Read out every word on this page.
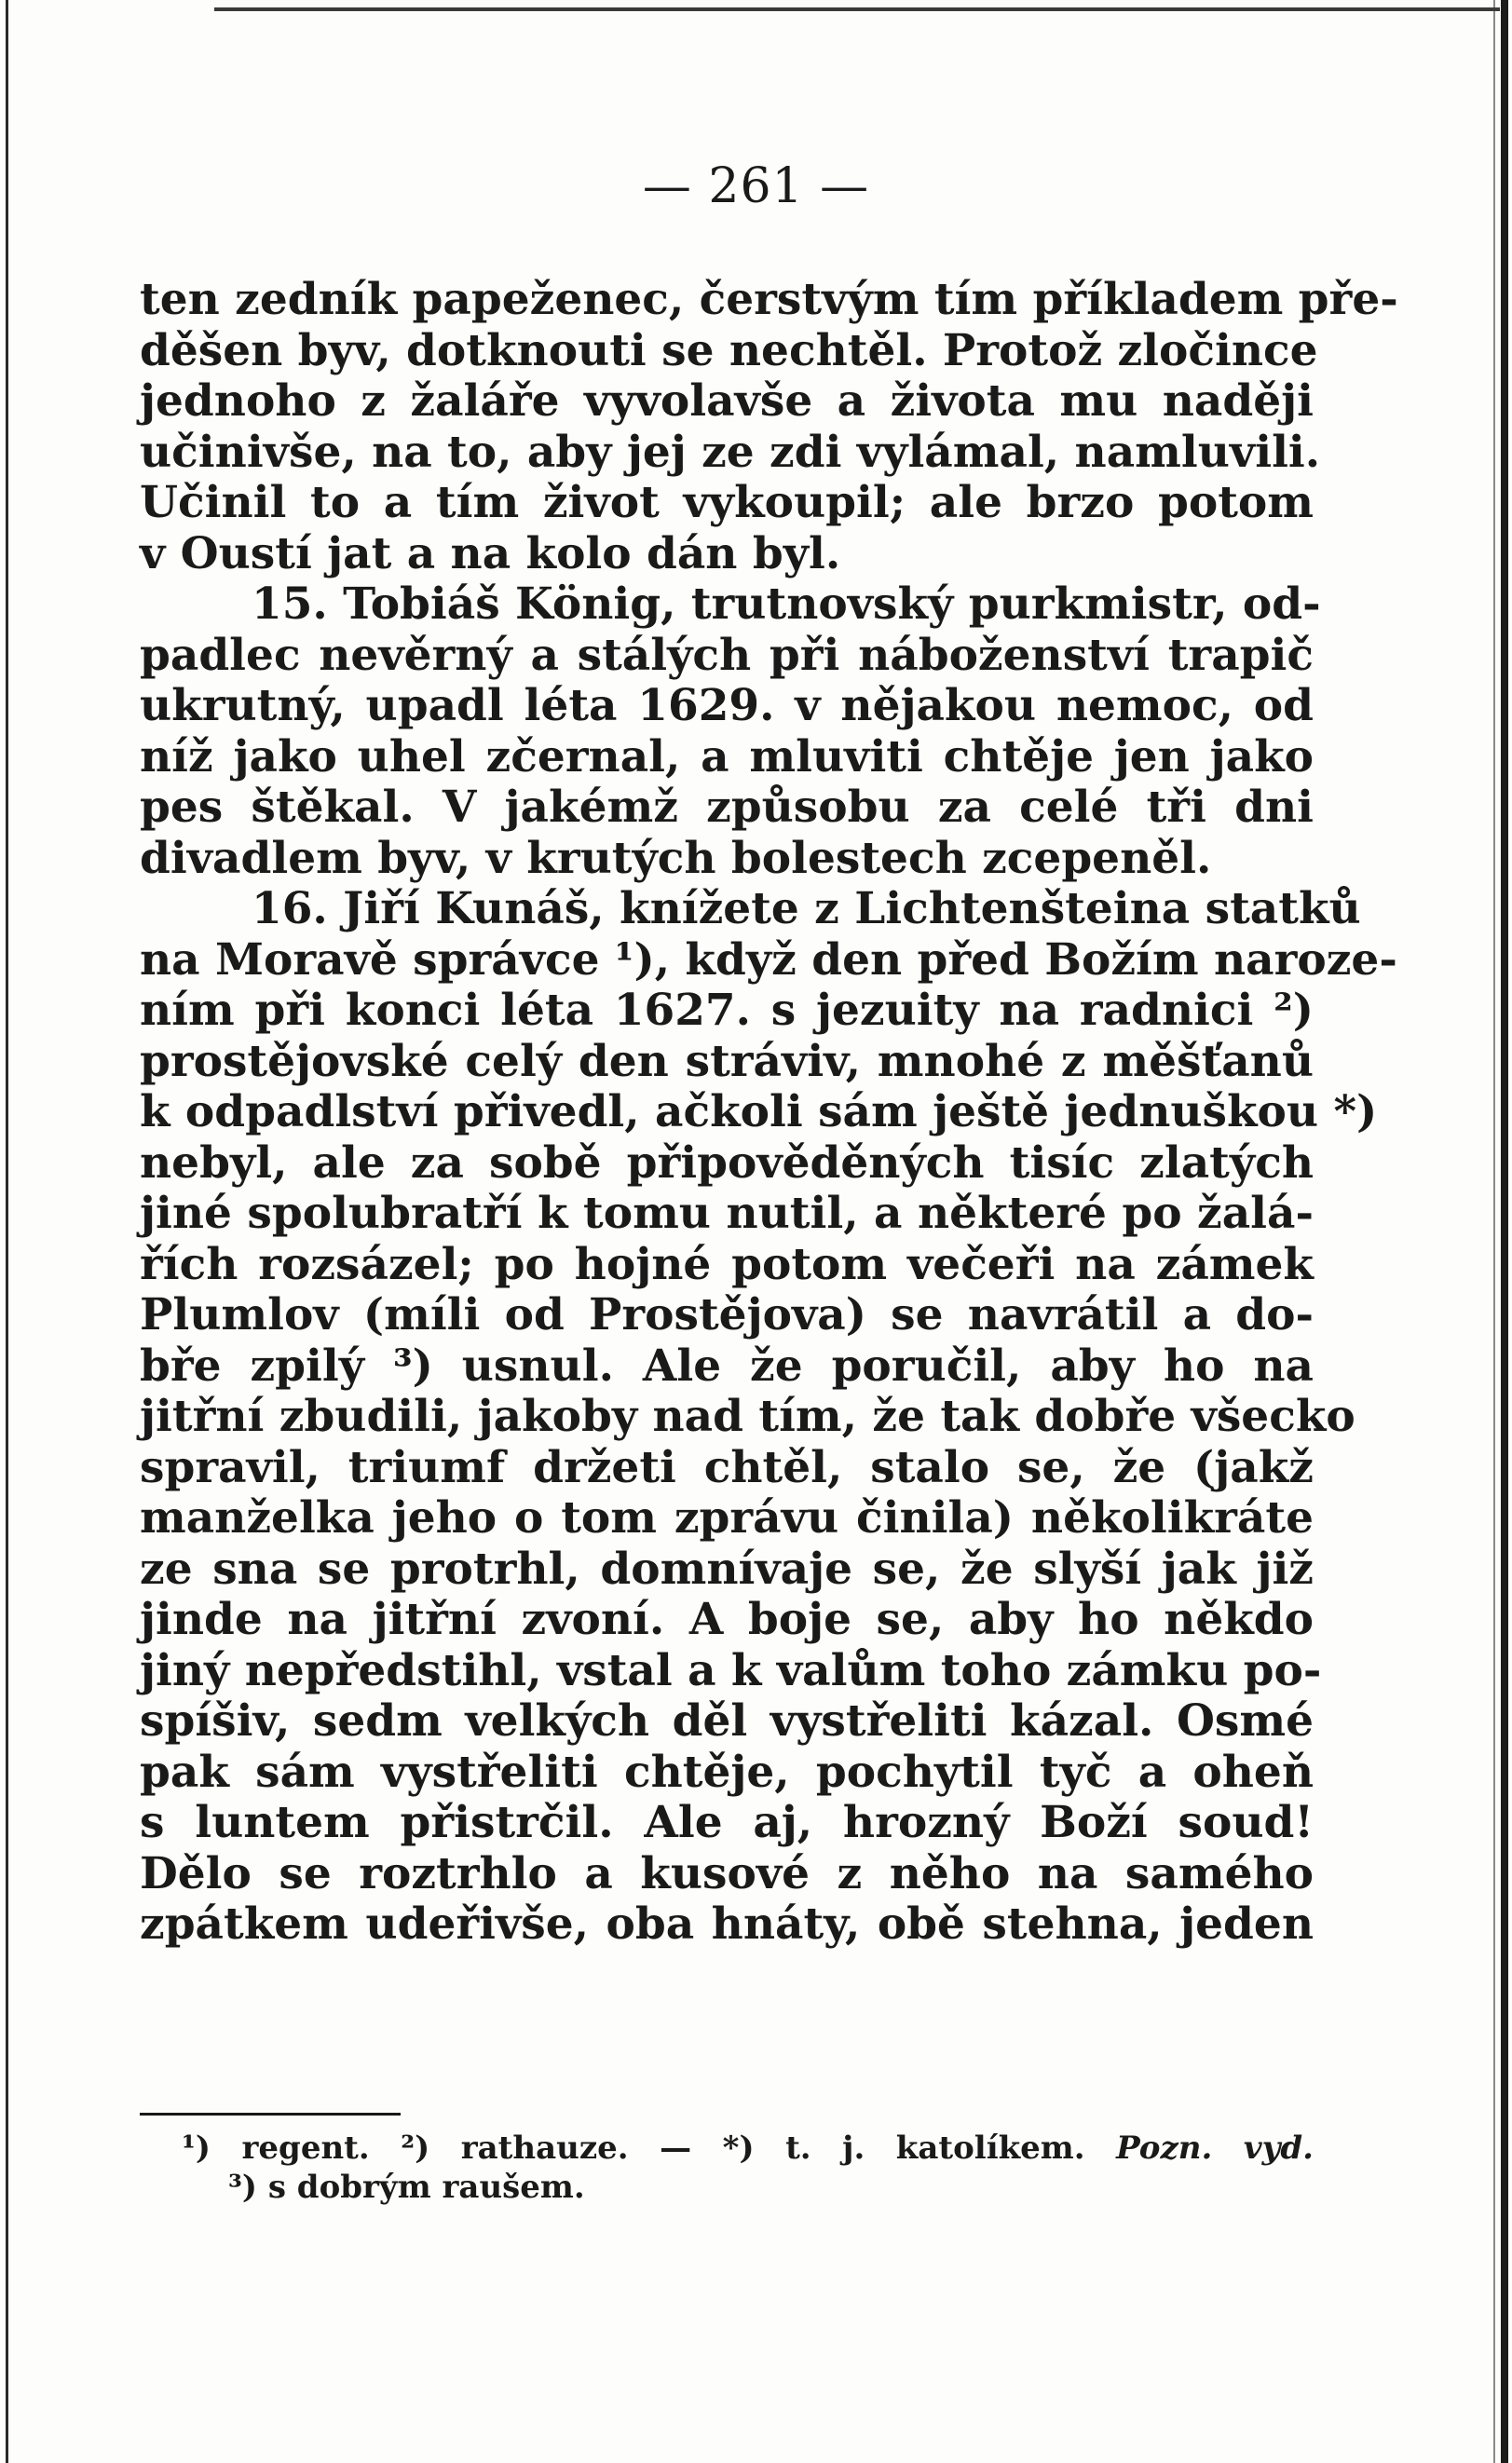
— 261 —
ten zedník papeženec, čerstvým tím příkladem pře-
děšen byv, dotknouti se nechtěl. Protož zločince
jednoho z žaláře vyvolavše a života mu naději
učinivše, na to, aby jej ze zdi vylámal, namluvili.
Učinil to a tím život vykoupil; ale brzo potom
v Oustí jat a na kolo dán byl.
15. Tobiáš König, trutnovský purkmistr, od-
padlec nevěrný a stálých při náboženství trapič
ukrutný, upadl léta 1629. v nějakou nemoc, od
níž jako uhel zčernal, a mluviti chtěje jen jako
pes štěkal. V jakémž způsobu za celé tři dni
divadlem byv, v krutých bolestech zcepeněl.
16. Jiří Kunáš, knížete z Lichtenšteina statků
na Moravě správce ¹), když den před Božím naroze-
ním při konci léta 1627. s jezuity na radnici ²)
prostějovské celý den stráviv, mnohé z měšťanů
k odpadlství přivedl, ačkoli sám ještě jednuškou *)
nebyl, ale za sobě připověděných tisíc zlatých
jiné spolubratří k tomu nutil, a některé po žalá-
řích rozsázel; po hojné potom večeři na zámek
Plumlov (míli od Prostějova) se navrátil a do-
bře zpilý ³) usnul. Ale že poručil, aby ho na
jitřní zbudili, jakoby nad tím, že tak dobře všecko
spravil, triumf držeti chtěl, stalo se, že (jakž
manželka jeho o tom zprávu činila) několikráte
ze sna se protrhl, domnívaje se, že slyší jak již
jinde na jitřní zvoní. A boje se, aby ho někdo
jiný nepředstihl, vstal a k valům toho zámku po-
spíšiv, sedm velkých děl vystřeliti kázal. Osmé
pak sám vystřeliti chtěje, pochytil tyč a oheň
s luntem přistrčil. Ale aj, hrozný Boží soud!
Dělo se roztrhlo a kusové z něho na samého
zpátkem udeřivše, oba hnáty, obě stehna, jeden
¹) regent. ²) rathauze. — *) t. j. katolíkem. Pozn. vyd.
³) s dobrým raušem.
